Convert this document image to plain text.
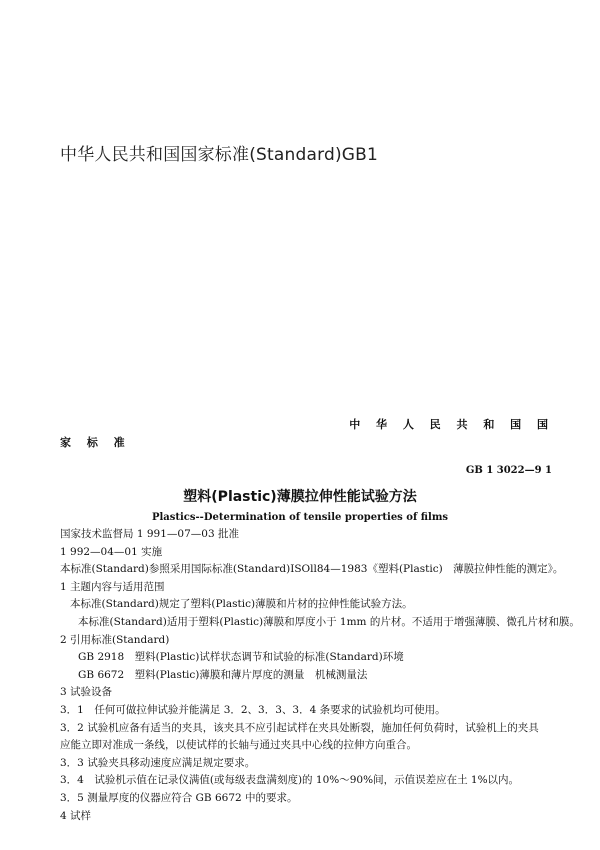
中华人民共和国国家标准(Standard)GB1
中 华 人 民 共 和 国 国
家 标 准
GB 1 3022—9 1
塑料(Plastic)薄膜拉伸性能试验方法
Plastics--Determination of tensile properties of films
国家技术监督局 1 991—07—03 批准
1 992—04—01 实施
本标准(Standard)参照采用国际标准(Standard)ISOll84—1983《塑料(Plastic)　薄膜拉伸性能的测定》。
1 主题内容与适用范围
本标准(Standard)规定了塑料(Plastic)薄膜和片材的拉伸性能试验方法。
本标准(Standard)适用于塑料(Plastic)薄膜和厚度小于 1mm 的片材。不适用于增强薄膜、微孔片材和膜。
2 引用标准(Standard)
GB 2918　塑料(Plastic)试样状态调节和试验的标准(Standard)环境
GB 6672　塑料(Plastic)薄膜和薄片厚度的测量　机械测量法
3 试验设备
3．1　任何可做拉伸试验并能满足 3．2、3．3、3．4 条要求的试验机均可使用。
3．2 试验机应备有适当的夹具，该夹具不应引起试样在夹具处断裂，施加任何负荷时，试验机上的夹具
应能立即对准成一条线，以使试样的长轴与通过夹具中心线的拉伸方向重合。
3．3 试验夹具移动速度应满足规定要求。
3．4　试验机示值在记录仪满值(或每级表盘满刻度)的 10%～90%间，示值误差应在土 1%以内。
3．5 测量厚度的仪器应符合 GB 6672 中的要求。
4 试样
